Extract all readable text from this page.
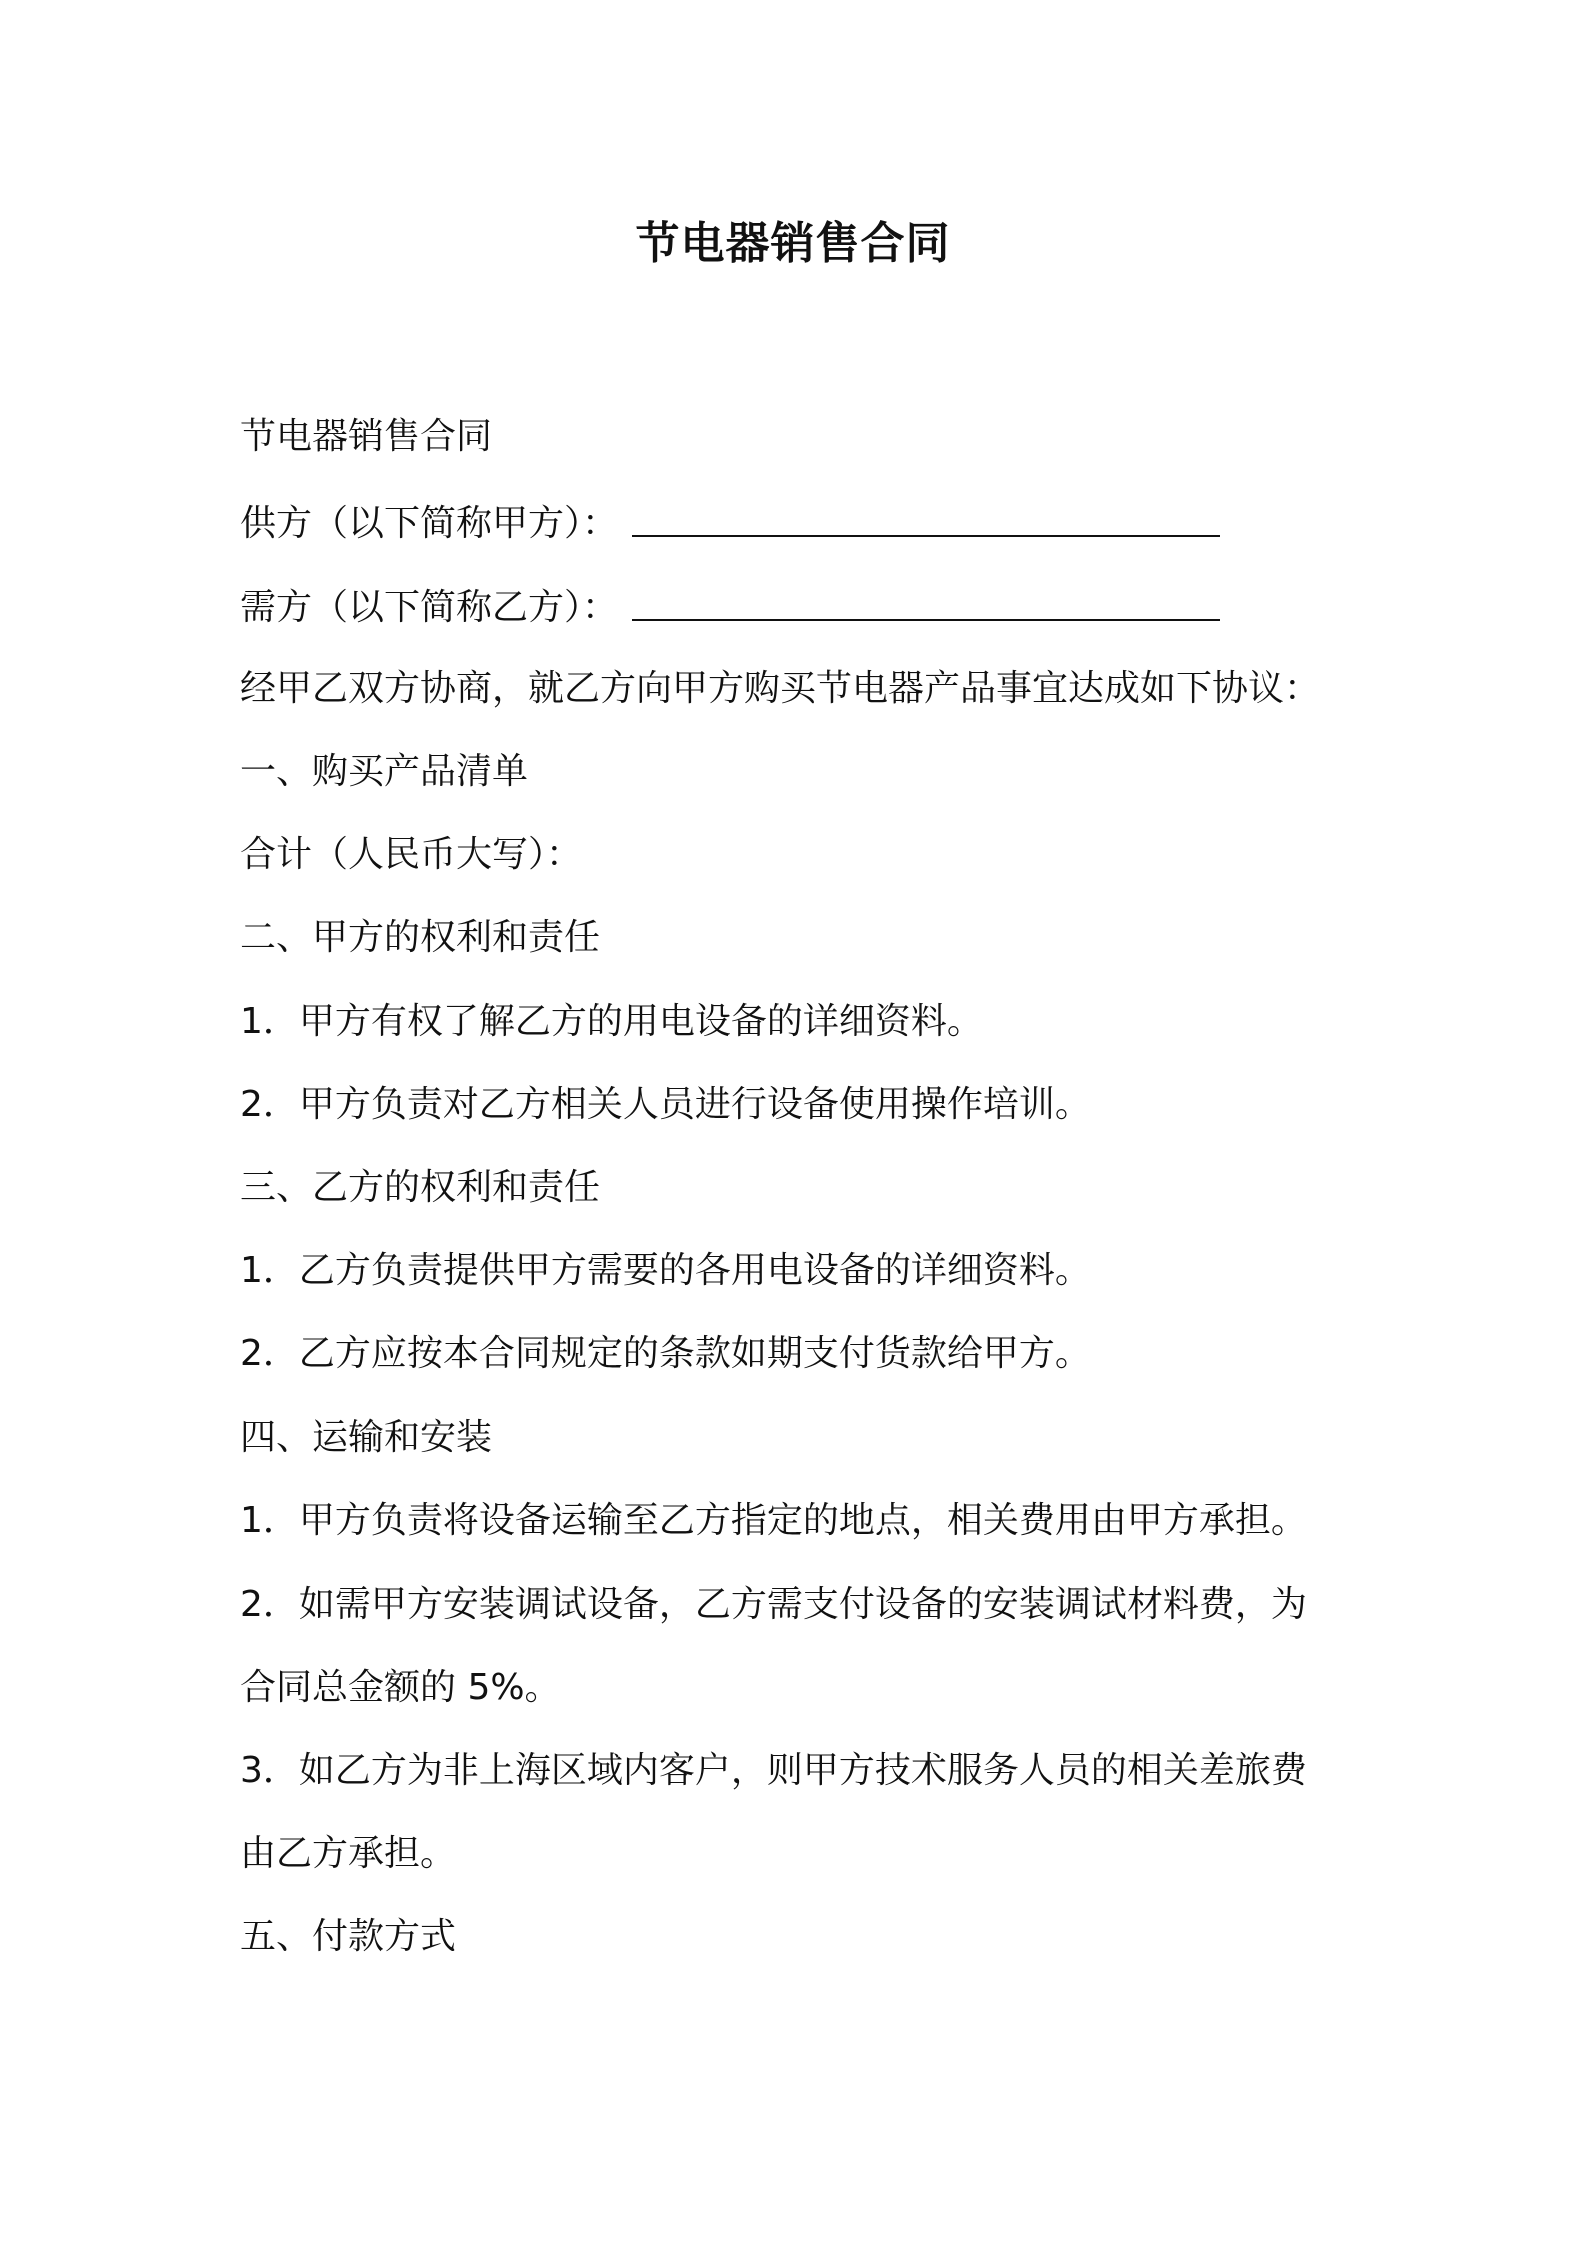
节电器销售合同
节电器销售合同
供方（以下简称甲方）：
需方（以下简称乙方）：
经甲乙双方协商，就乙方向甲方购买节电器产品事宜达成如下协议：
一、购买产品清单
合计（人民币大写）：
二、甲方的权利和责任
1．甲方有权了解乙方的用电设备的详细资料。
2．甲方负责对乙方相关人员进行设备使用操作培训。
三、乙方的权利和责任
1．乙方负责提供甲方需要的各用电设备的详细资料。
2．乙方应按本合同规定的条款如期支付货款给甲方。
四、运输和安装
1．甲方负责将设备运输至乙方指定的地点，相关费用由甲方承担。
2．如需甲方安装调试设备，乙方需支付设备的安装调试材料费，为
合同总金额的 5%。
3．如乙方为非上海区域内客户，则甲方技术服务人员的相关差旅费
由乙方承担。
五、付款方式
